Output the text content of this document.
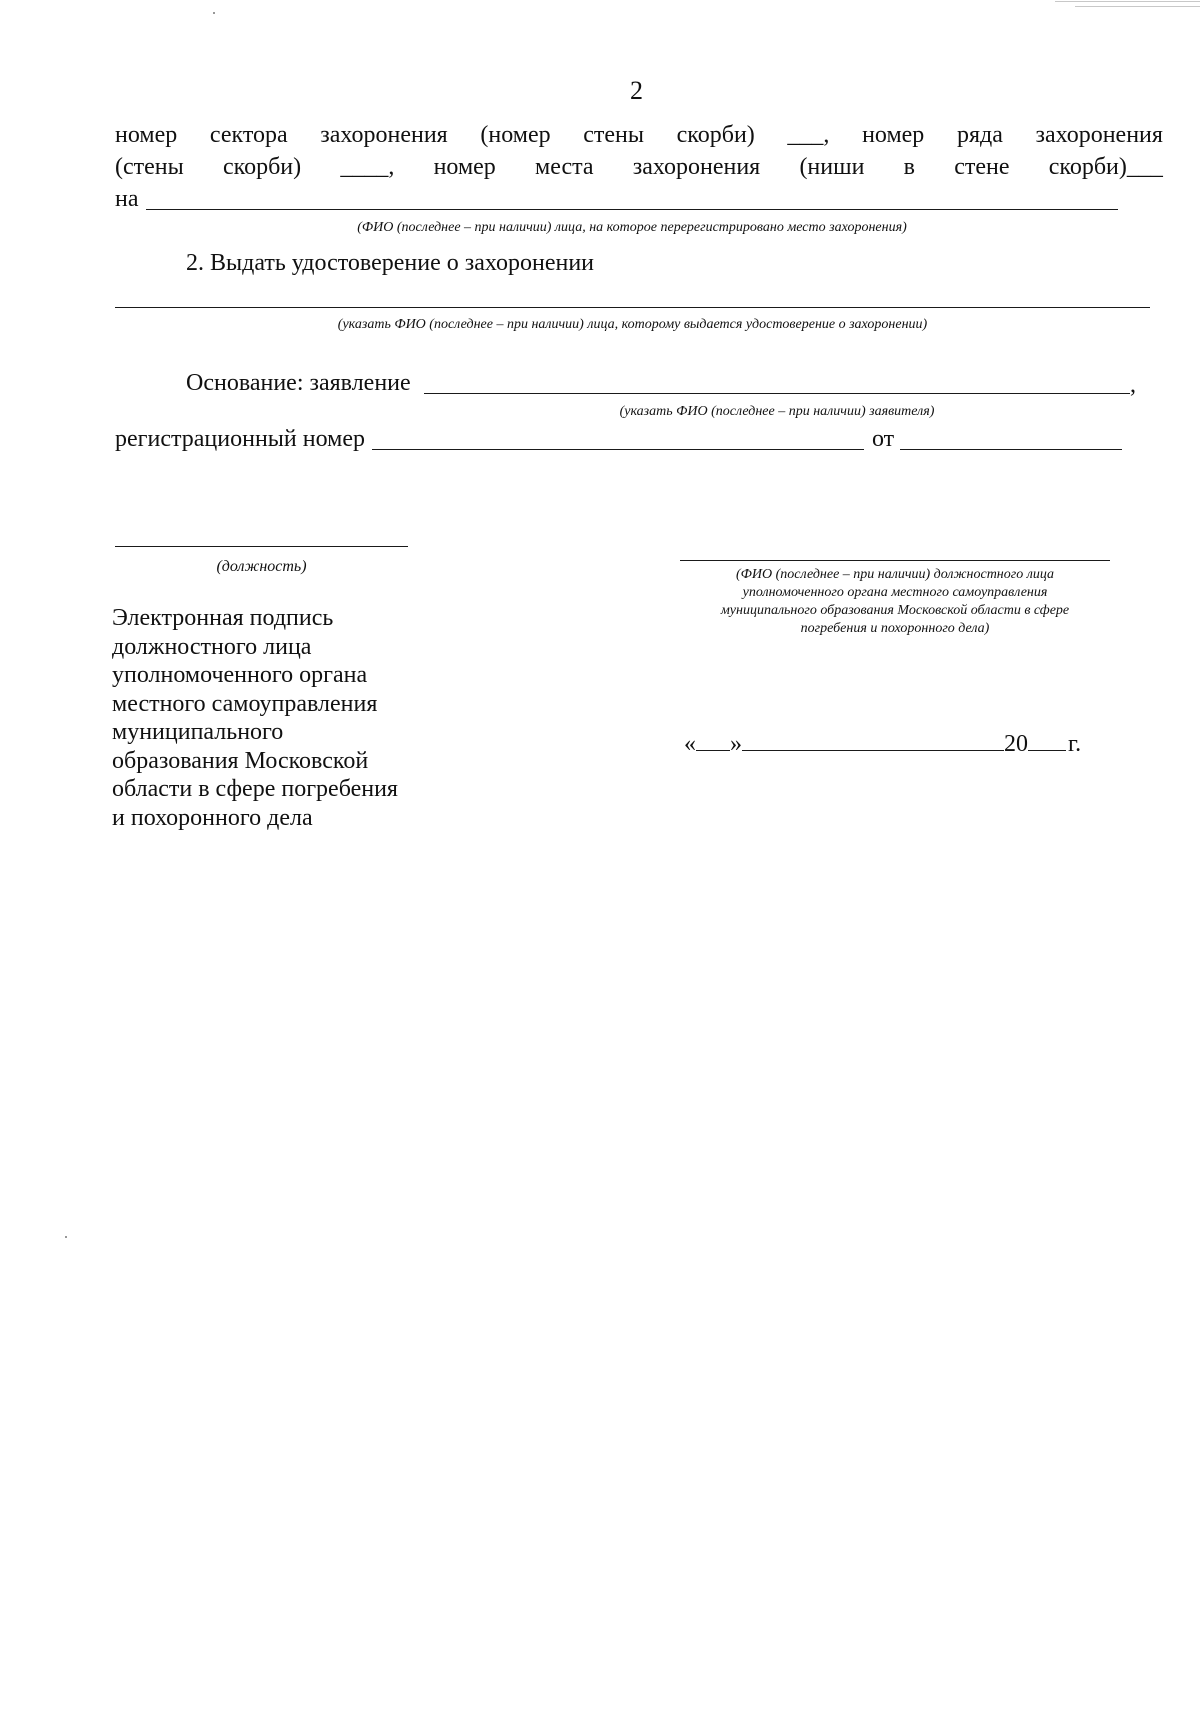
2
номер сектора захоронения (номер стены скорби) ___, номер ряда захоронения
(стены скорби) ____, номер места захоронения (ниши в стене скорби)___
на
(ФИО (последнее – при наличии) лица, на которое перерегистрировано место захоронения)
2. Выдать удостоверение о захоронении
(указать ФИО (последнее – при наличии) лица, которому выдается удостоверение о захоронении)
Основание: заявление	,
(указать ФИО (последнее – при наличии) заявителя)
регистрационный номер	от
(должность)	(ФИО (последнее – при наличии) должностного лица
уполномоченного органа местного самоуправления
муниципального образования Московской области в сфере
погребения и похоронного дела)
Электронная подпись
должностного лица
уполномоченного органа
местного самоуправления
муниципального
образования Московской
области в сфере погребения
и похоронного дела
« »	20 г.
